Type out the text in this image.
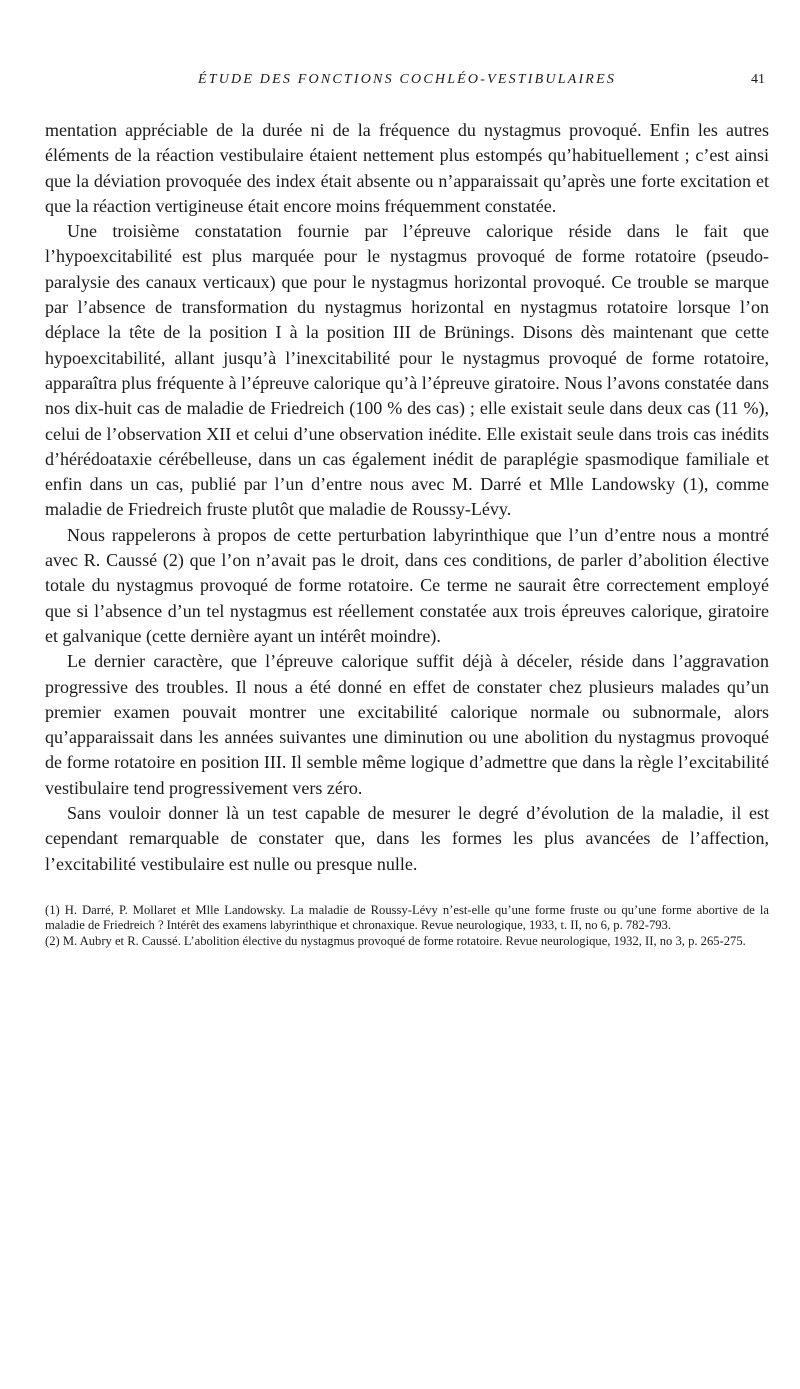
ÉTUDE DES FONCTIONS COCHLÉO-VESTIBULAIRES	41

mentation appréciable de la durée ni de la fréquence du nystagmus provoqué. Enfin les autres éléments de la réaction vestibulaire étaient nettement plus estompés qu’habituellement ; c’est ainsi que la déviation provoquée des index était absente ou n’apparaissait qu’après une forte excitation et que la réaction vertigineuse était encore moins fréquemment constatée.

Une troisième constatation fournie par l’épreuve calorique réside dans le fait que l’hypoexcitabilité est plus marquée pour le nystagmus provoqué de forme rotatoire (pseudo-paralysie des canaux verticaux) que pour le nystagmus horizontal provoqué. Ce trouble se marque par l’absence de transformation du nystagmus horizontal en nystagmus rotatoire lorsque l’on déplace la tête de la position I à la position III de Brünings. Disons dès maintenant que cette hypoexcitabilité, allant jusqu’à l’inexcitabilité pour le nystagmus provoqué de forme rotatoire, apparaîtra plus fréquente à l’épreuve calorique qu’à l’épreuve giratoire. Nous l’avons constatée dans nos dix-huit cas de maladie de Friedreich (100 % des cas) ; elle existait seule dans deux cas (11 %), celui de l’observation XII et celui d’une observation inédite. Elle existait seule dans trois cas inédits d’hérédoataxie cérébelleuse, dans un cas également inédit de paraplégie spasmodique familiale et enfin dans un cas, publié par l’un d’entre nous avec M. Darré et Mlle Landowsky (1), comme maladie de Friedreich fruste plutôt que maladie de Roussy-Lévy.

Nous rappelerons à propos de cette perturbation labyrinthique que l’un d’entre nous a montré avec R. Caussé (2) que l’on n’avait pas le droit, dans ces conditions, de parler d’abolition élective totale du nystagmus provoqué de forme rotatoire. Ce terme ne saurait être correctement employé que si l’absence d’un tel nystagmus est réellement constatée aux trois épreuves calorique, giratoire et galvanique (cette dernière ayant un intérêt moindre).

Le dernier caractère, que l’épreuve calorique suffit déjà à déceler, réside dans l’aggravation progressive des troubles. Il nous a été donné en effet de constater chez plusieurs malades qu’un premier examen pouvait montrer une excitabilité calorique normale ou subnormale, alors qu’apparaissait dans les années suivantes une diminution ou une abolition du nystagmus provoqué de forme rotatoire en position III. Il semble même logique d’admettre que dans la règle l’excitabilité vestibulaire tend progressivement vers zéro.

Sans vouloir donner là un test capable de mesurer le degré d’évolution de la maladie, il est cependant remarquable de constater que, dans les formes les plus avancées de l’affection, l’excitabilité vestibulaire est nulle ou presque nulle.

(1) H. Darré, P. Mollaret et Mlle Landowsky. La maladie de Roussy-Lévy n’est-elle qu’une forme fruste ou qu’une forme abortive de la maladie de Friedreich ? Intérêt des examens labyrinthique et chronaxique. Revue neurologique, 1933, t. II, no 6, p. 782-793.

(2) M. Aubry et R. Caussé. L’abolition élective du nystagmus provoqué de forme rotatoire. Revue neurologique, 1932, II, no 3, p. 265-275.
